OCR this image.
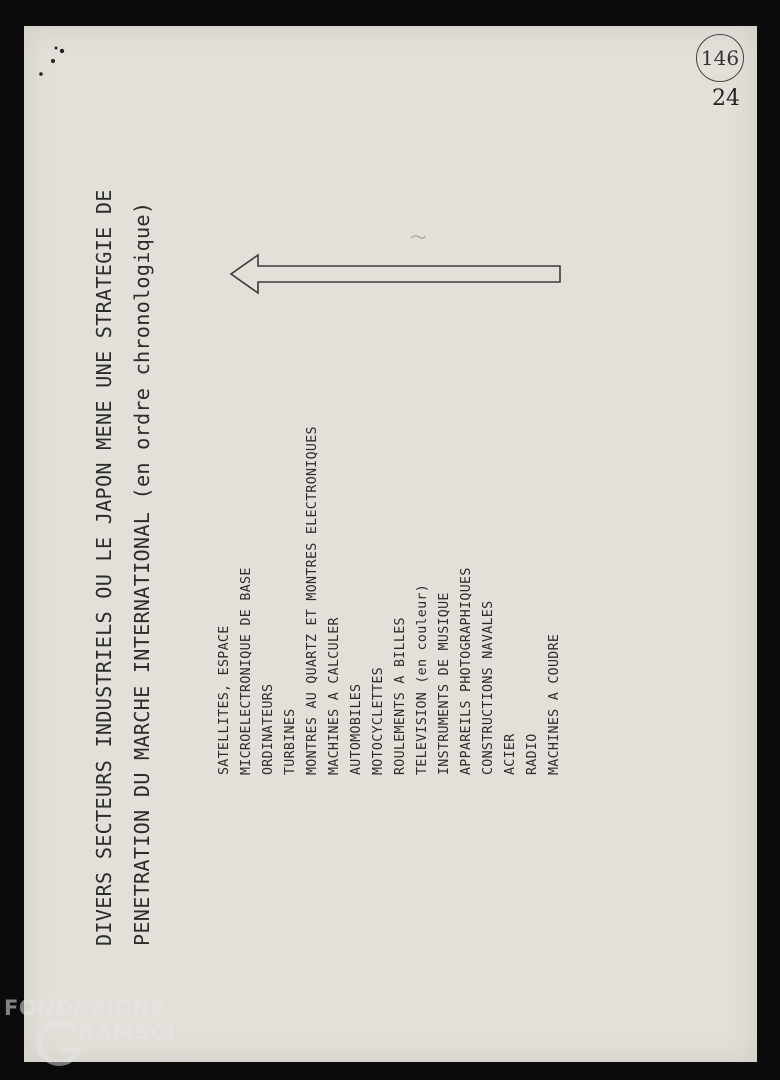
146
24
DIVERS SECTEURS INDUSTRIELS OU LE JAPON MENE UNE STRATEGIE DE PENETRATION DU MARCHE INTERNATIONAL (en ordre chronologique)	SATELLITES, ESPACE MICROELECTRONIQUE DE BASE ORDINATEURS TURBINES MONTRES AU QUARTZ ET MONTRES ELECTRONIQUES MACHINES A CALCULER AUTOMOBILES MOTOCYCLETTES ROULEMENTS A BILLES TELEVISION (en couleur) INSTRUMENTS DE MUSIQUE APPAREILS PHOTOGRAPHIQUES CONSTRUCTIONS NAVALES ACIER RADIO MACHINES A COUDRE
FONDAZIONE
RAMSCI
onlus
